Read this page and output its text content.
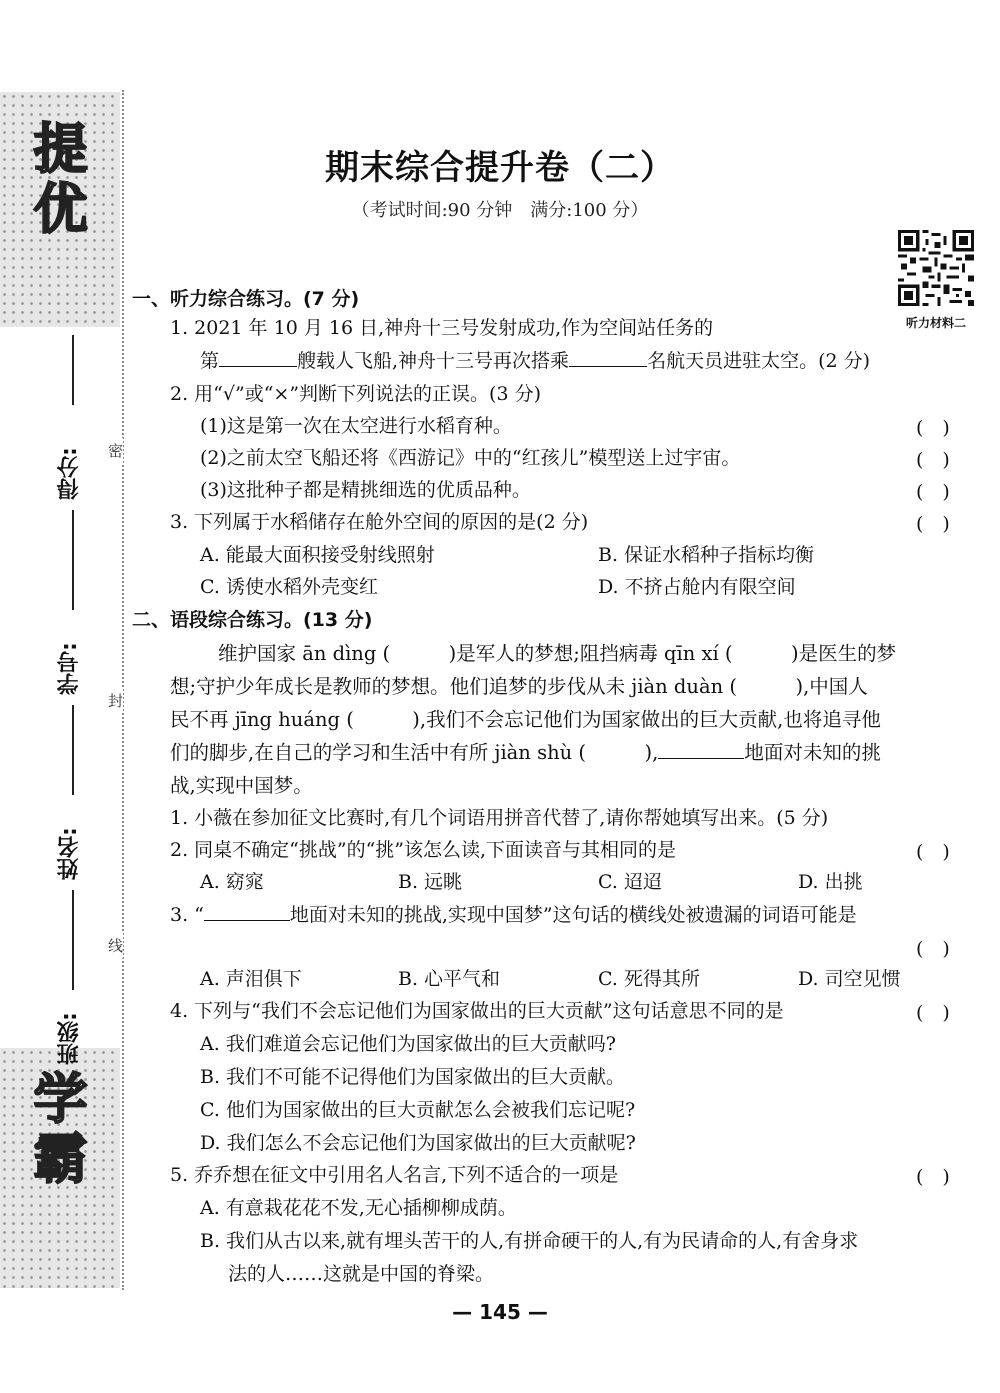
提优
学霸
得分:
学号:
姓名:
班级:
密
封
线
期末综合提升卷（二）
（考试时间:90 分钟　满分:100 分）
听力材料二
一、听力综合练习。(7 分)
1. 2021 年 10 月 16 日,神舟十三号发射成功,作为空间站任务的
第	艘载人飞船,神舟十三号再次搭乘	名航天员进驻太空。(2 分)
2. 用“√”或“×”判断下列说法的正误。(3 分)
(1)这是第一次在太空进行水稻育种。	(　)
(2)之前太空飞船还将《西游记》中的“红孩儿”模型送上过宇宙。	(　)
(3)这批种子都是精挑细选的优质品种。	(　)
3. 下列属于水稻储存在舱外空间的原因的是(2 分)	(　)
A. 能最大面积接受射线照射	B. 保证水稻种子指标均衡
C. 诱使水稻外壳变红	D. 不挤占舱内有限空间
二、语段综合练习。(13 分)
维护国家 ān dìng (　　　)是军人的梦想;阻挡病毒 qīn xí (　　　)是医生的梦
想;守护少年成长是教师的梦想。他们追梦的步伐从未 jiàn duàn (　　　),中国人
民不再 jīng huáng (　　　),我们不会忘记他们为国家做出的巨大贡献,也将追寻他
们的脚步,在自己的学习和生活中有所 jiàn shù (　　　),	地面对未知的挑
战,实现中国梦。
1. 小薇在参加征文比赛时,有几个词语用拼音代替了,请你帮她填写出来。(5 分)
2. 同桌不确定“挑战”的“挑”该怎么读,下面读音与其相同的是	(　)
A. 窈窕	B. 远眺	C. 迢迢	D. 出挑
3. “	地面对未知的挑战,实现中国梦”这句话的横线处被遗漏的词语可能是
(　)
A. 声泪俱下	B. 心平气和	C. 死得其所	D. 司空见惯
4. 下列与“我们不会忘记他们为国家做出的巨大贡献”这句话意思不同的是	(　)
A. 我们难道会忘记他们为国家做出的巨大贡献吗?
B. 我们不可能不记得他们为国家做出的巨大贡献。
C. 他们为国家做出的巨大贡献怎么会被我们忘记呢?
D. 我们怎么不会忘记他们为国家做出的巨大贡献呢?
5. 乔乔想在征文中引用名人名言,下列不适合的一项是	(　)
A. 有意栽花花不发,无心插柳柳成荫。
B. 我们从古以来,就有埋头苦干的人,有拼命硬干的人,有为民请命的人,有舍身求
法的人……这就是中国的脊梁。
— 145 —
